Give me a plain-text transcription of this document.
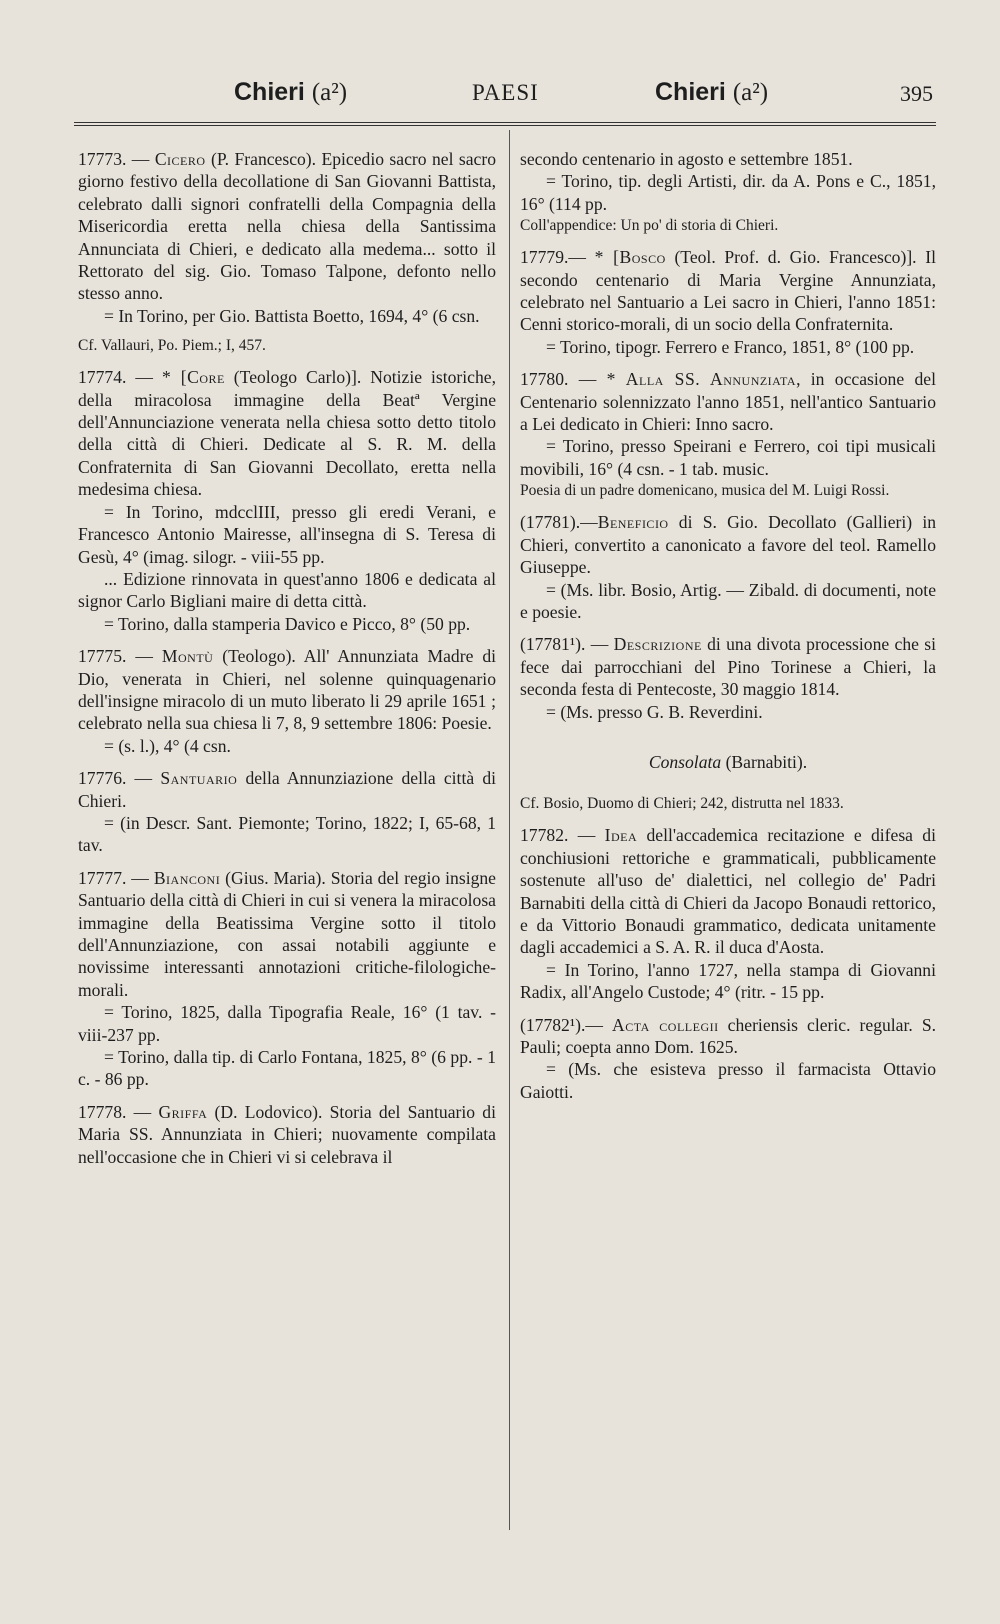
Chieri (a²)	PAESI	Chieri (a²)	395

17773. — Cicero (P. Francesco). Epicedio sacro nel sacro giorno festivo della decollatione di San Giovanni Battista, celebrato dalli signori confratelli della Compagnia della Misericordia eretta nella chiesa della Santissima Annunciata di Chieri, e dedicato alla medema... sotto il Rettorato del sig. Gio. Tomaso Talpone, defonto nello stesso anno.

= In Torino, per Gio. Battista Boetto, 1694, 4° (6 csn.

Cf. Vallauri, Po. Piem.; I, 457.

17774. — * [Core (Teologo Carlo)]. Notizie istoriche, della miracolosa immagine della Beatª Vergine dell'Annunciazione venerata nella chiesa sotto detto titolo della città di Chieri. Dedicate al S. R. M. della Confraternita di San Giovanni Decollato, eretta nella medesima chiesa.

= In Torino, mdcclIII, presso gli eredi Verani, e Francesco Antonio Mairesse, all'insegna di S. Teresa di Gesù, 4° (imag. silogr. - viii-55 pp.

... Edizione rinnovata in quest'anno 1806 e dedicata al signor Carlo Bigliani maire di detta città.

= Torino, dalla stamperia Davico e Picco, 8° (50 pp.

17775. — Montù (Teologo). All' Annunziata Madre di Dio, venerata in Chieri, nel solenne quinquagenario dell'insigne miracolo di un muto liberato li 29 aprile 1651 ; celebrato nella sua chiesa li 7, 8, 9 settembre 1806: Poesie.

= (s. l.), 4° (4 csn.

17776. — Santuario della Annunziazione della città di Chieri.

= (in Descr. Sant. Piemonte; Torino, 1822; I, 65-68, 1 tav.

17777. — Bianconi (Gius. Maria). Storia del regio insigne Santuario della città di Chieri in cui si venera la miracolosa immagine della Beatissima Vergine sotto il titolo dell'Annunziazione, con assai notabili aggiunte e novissime interessanti annotazioni critiche-filologiche-morali.

= Torino, 1825, dalla Tipografia Reale, 16° (1 tav. - viii-237 pp.

= Torino, dalla tip. di Carlo Fontana, 1825, 8° (6 pp. - 1 c. - 86 pp.

17778. — Griffa (D. Lodovico). Storia del Santuario di Maria SS. Annunziata in Chieri; nuovamente compilata nell'occasione che in Chieri vi si celebrava il

secondo centenario in agosto e settembre 1851.

= Torino, tip. degli Artisti, dir. da A. Pons e C., 1851, 16° (114 pp.

Coll'appendice: Un po' di storia di Chieri.

17779.— * [Bosco (Teol. Prof. d. Gio. Francesco)]. Il secondo centenario di Maria Vergine Annunziata, celebrato nel Santuario a Lei sacro in Chieri, l'anno 1851: Cenni storico-morali, di un socio della Confraternita.

= Torino, tipogr. Ferrero e Franco, 1851, 8° (100 pp.

17780. — * Alla SS. Annunziata, in occasione del Centenario solennizzato l'anno 1851, nell'antico Santuario a Lei dedicato in Chieri: Inno sacro.

= Torino, presso Speirani e Ferrero, coi tipi musicali movibili, 16° (4 csn. - 1 tab. music.

Poesia di un padre domenicano, musica del M. Luigi Rossi.

(17781).—Beneficio di S. Gio. Decollato (Gallieri) in Chieri, convertito a canonicato a favore del teol. Ramello Giuseppe.

= (Ms. libr. Bosio, Artig. — Zibald. di documenti, note e poesie.

(17781¹). — Descrizione di una divota processione che si fece dai parrocchiani del Pino Torinese a Chieri, la seconda festa di Pentecoste, 30 maggio 1814.

= (Ms. presso G. B. Reverdini.

Consolata (Barnabiti).

Cf. Bosio, Duomo di Chieri; 242, distrutta nel 1833.

17782. — Idea dell'accademica recitazione e difesa di conchiusioni rettoriche e grammaticali, pubblicamente sostenute all'uso de' dialettici, nel collegio de' Padri Barnabiti della città di Chieri da Jacopo Bonaudi rettorico, e da Vittorio Bonaudi grammatico, dedicata unitamente dagli accademici a S. A. R. il duca d'Aosta.

= In Torino, l'anno 1727, nella stampa di Giovanni Radix, all'Angelo Custode; 4° (ritr. - 15 pp.

(17782¹).— Acta collegii cheriensis cleric. regular. S. Pauli; coepta anno Dom. 1625.

= (Ms. che esisteva presso il farmacista Ottavio Gaiotti.
